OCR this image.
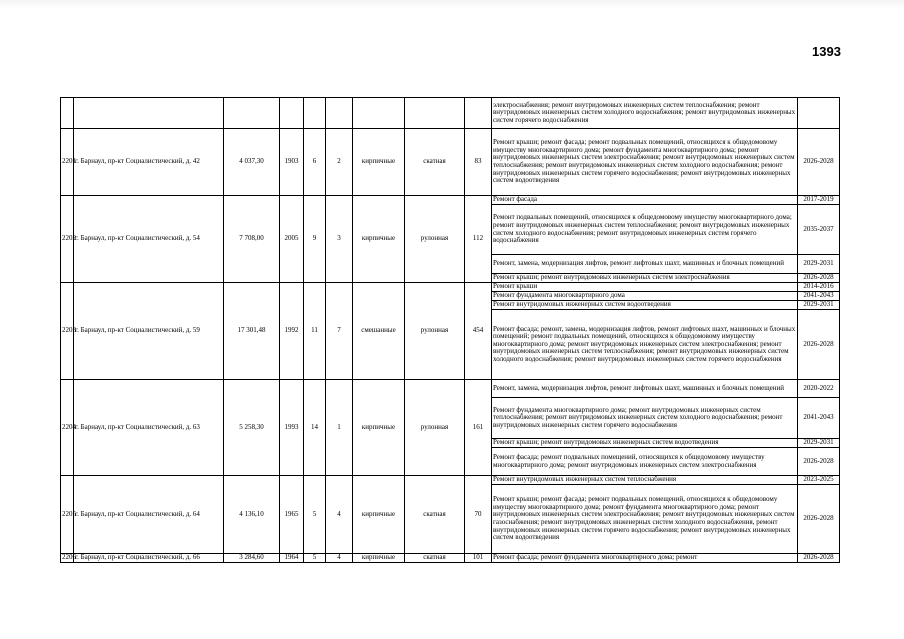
1393
									электроснабжения; ремонт внутридомовых инженерных систем теплоснабжения; ремонт внутридомовых инженерных систем холодного водоснабжения; ремонт внутридомовых инженерных систем горячего водоснабжения	
2201	г. Барнаул, пр-кт Социалистический, д. 42	4 037,30	1903	6	2	кирпичные	скатная	83	Ремонт крыши; ремонт фасада; ремонт подвальных помещений, относящихся к общедомовому имуществу многоквартирного дома; ремонт фундамента многоквартирного дома; ремонт внутридомовых инженерных систем электроснабжения; ремонт внутридомовых инженерных систем теплоснабжения; ремонт внутридомовых инженерных систем холодного водоснабжения; ремонт внутридомовых инженерных систем горячего водоснабжения; ремонт внутридомовых инженерных систем водоотведения	2026-2028
2202	г. Барнаул, пр-кт Социалистический, д. 54	7 708,00	2005	9	3	кирпичные	рулонная	112	Ремонт фасада	2017-2019
									Ремонт подвальных помещений, относящихся к общедомовому имуществу многоквартирного дома; ремонт внутридомовых инженерных систем теплоснабжения; ремонт внутридомовых инженерных систем холодного водоснабжения; ремонт внутридомовых инженерных систем горячего водоснабжения	2035-2037
									Ремонт, замена, модернизация лифтов, ремонт лифтовых шахт, машинных и блочных помещений	2029-2031
									Ремонт крыши; ремонт внутридомовых инженерных систем электроснабжения	2026-2028
2203	г. Барнаул, пр-кт Социалистический, д. 59	17 301,48	1992	11	7	смешанные	рулонная	454	Ремонт крыши	2014-2016
									Ремонт фундамента многоквартирного дома	2041-2043
									Ремонт внутридомовых инженерных систем водоотведения	2029-2031
									Ремонт фасада; ремонт, замена, модернизация лифтов, ремонт лифтовых шахт, машинных и блочных помещений; ремонт подвальных помещений, относящихся к общедомовому имуществу многоквартирного дома; ремонт внутридомовых инженерных систем электроснабжения; ремонт внутридомовых инженерных систем теплоснабжения; ремонт внутридомовых инженерных систем холодного водоснабжения; ремонт внутридомовых инженерных систем горячего водоснабжения	2026-2028
2204	г. Барнаул, пр-кт Социалистический, д. 63	5 258,30	1993	14	1	кирпичные	рулонная	161	Ремонт, замена, модернизация лифтов, ремонт лифтовых шахт, машинных и блочных помещений	2020-2022
									Ремонт фундамента многоквартирного дома; ремонт внутридомовых инженерных систем теплоснабжения; ремонт внутридомовых инженерных систем холодного водоснабжения; ремонт внутридомовых инженерных систем горячего водоснабжения	2041-2043
									Ремонт крыши; ремонт внутридомовых инженерных систем водоотведения	2029-2031
									Ремонт фасада; ремонт подвальных помещений, относящихся к общедомовому имуществу многоквартирного дома; ремонт внутридомовых инженерных систем электроснабжения	2026-2028
2205	г. Барнаул, пр-кт Социалистический, д. 64	4 136,10	1965	5	4	кирпичные	скатная	70	Ремонт внутридомовых инженерных систем теплоснабжения	2023-2025
									Ремонт крыши; ремонт фасада; ремонт подвальных помещений, относящихся к общедомовому имуществу многоквартирного дома; ремонт фундамента многоквартирного дома; ремонт внутридомовых инженерных систем электроснабжения; ремонт внутридомовых инженерных систем газоснабжения; ремонт внутридомовых инженерных систем холодного водоснабжения, ремонт внутридомовых инженерных систем горячего водоснабжения; ремонт внутридомовых инженерных систем водоотведения	2026-2028
2206	г. Барнаул, пр-кт Социалистический, д. 66	3 284,60	1964	5	4	кирпичные	скатная	101	Ремонт фасада; ремонт фундамента многоквартирного дома; ремонт	2026-2028
